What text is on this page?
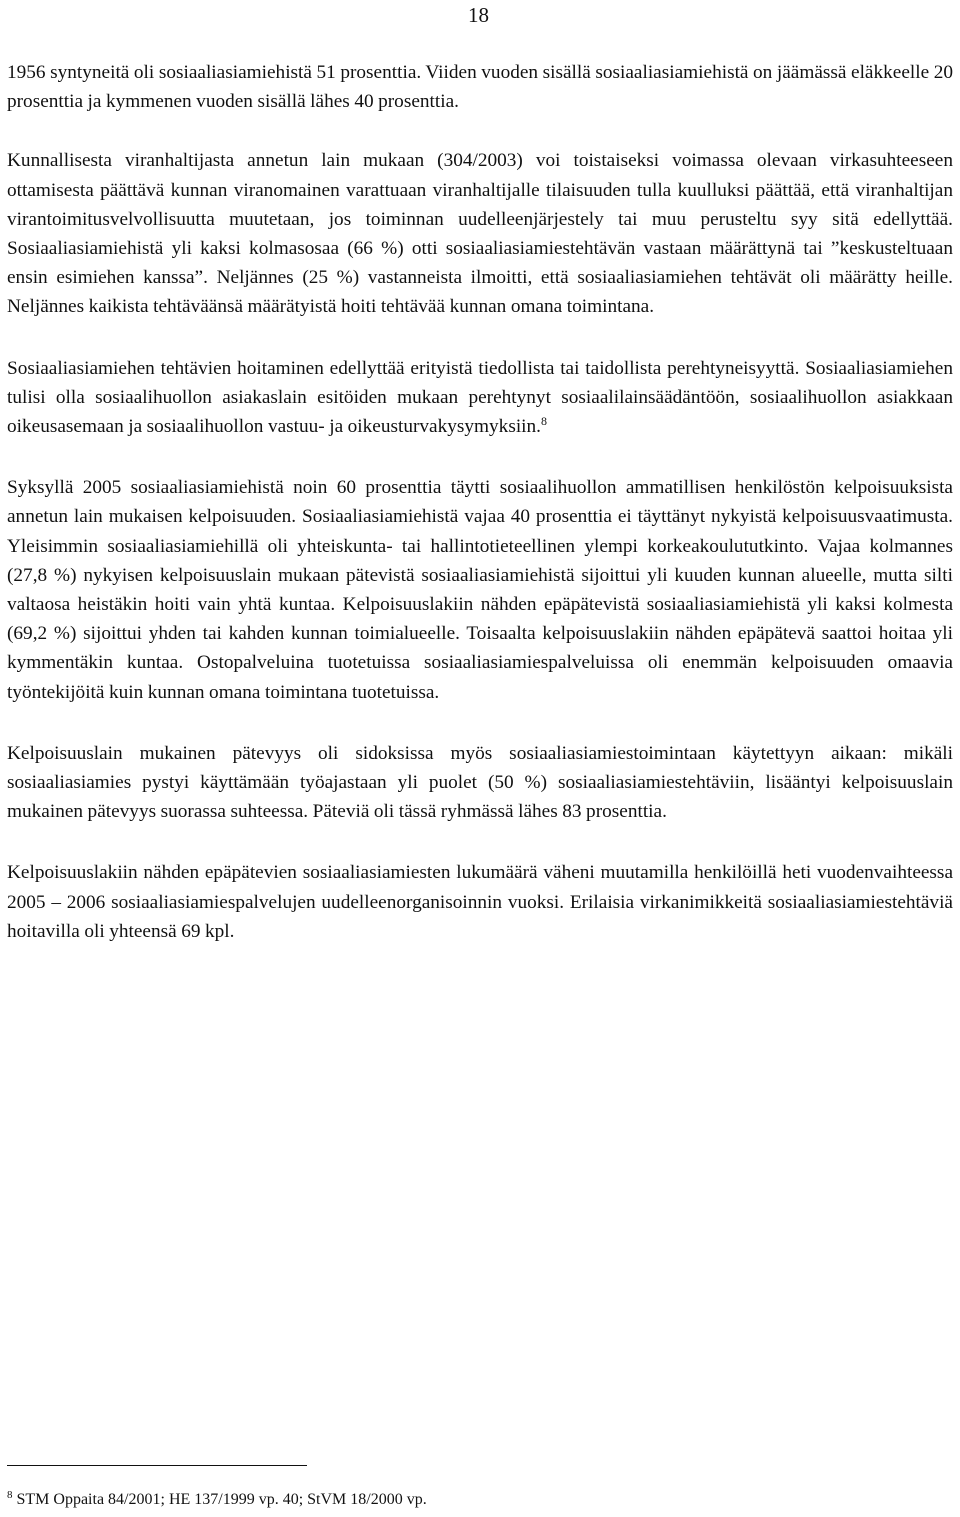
18

1956 syntyneitä oli sosiaaliasiamiehistä 51 prosenttia. Viiden vuoden sisällä sosiaaliasiamiehistä on jäämässä eläkkeelle 20 prosenttia ja kymmenen vuoden sisällä lähes 40 prosenttia.

Kunnallisesta viranhaltijasta annetun lain mukaan (304/2003) voi toistaiseksi voimassa olevaan virkasuhteeseen ottamisesta päättävä kunnan viranomainen varattuaan viranhaltijalle tilaisuuden tulla kuulluksi päättää, että viranhaltijan virantoimitusvelvollisuutta muutetaan, jos toiminnan uudelleenjärjestely tai muu perusteltu syy sitä edellyttää. Sosiaaliasiamiehistä yli kaksi kolmasosaa (66 %) otti sosiaaliasiamiestehtävän vastaan määrättynä tai ”keskusteltuaan ensin esimiehen kanssa”. Neljännes (25 %) vastanneista ilmoitti, että sosiaaliasiamiehen tehtävät oli määrätty heille. Neljännes kaikista tehtäväänsä määrätyistä hoiti tehtävää kunnan omana toimintana.

Sosiaaliasiamiehen tehtävien hoitaminen edellyttää erityistä tiedollista tai taidollista perehtyneisyyttä. Sosiaaliasiamiehen tulisi olla sosiaalihuollon asiakaslain esitöiden mukaan perehtynyt sosiaalilainsäädäntöön, sosiaalihuollon asiakkaan oikeusasemaan ja sosiaalihuollon vastuu- ja oikeusturvakysymyksiin.$^8$

Syksyllä 2005 sosiaaliasiamiehistä noin 60 prosenttia täytti sosiaalihuollon ammatillisen henkilöstön kelpoisuuksista annetun lain mukaisen kelpoisuuden. Sosiaaliasiamiehistä vajaa 40 prosenttia ei täyttänyt nykyistä kelpoisuusvaatimusta. Yleisimmin sosiaaliasiamiehillä oli yhteiskunta- tai hallintotieteellinen ylempi korkeakoulututkinto. Vajaa kolmannes (27,8 %) nykyisen kelpoisuuslain mukaan pätevistä sosiaaliasiamiehistä sijoittui yli kuuden kunnan alueelle, mutta silti valtaosa heistäkin hoiti vain yhtä kuntaa. Kelpoisuuslakiin nähden epäpätevistä sosiaaliasiamiehistä yli kaksi kolmesta (69,2 %) sijoittui yhden tai kahden kunnan toimialueelle. Toisaalta kelpoisuuslakiin nähden epäpätevä saattoi hoitaa yli kymmentäkin kuntaa. Ostopalveluina tuotetuissa sosiaaliasiamiespalveluissa oli enemmän kelpoisuuden omaavia työntekijöitä kuin kunnan omana toimintana tuotetuissa.

Kelpoisuuslain mukainen pätevyys oli sidoksissa myös sosiaaliasiamiestoimintaan käytettyyn aikaan: mikäli sosiaaliasiamies pystyi käyttämään työajastaan yli puolet (50 %) sosiaaliasiamiestehtäviin, lisääntyi kelpoisuuslain mukainen pätevyys suorassa suhteessa. Päteviä oli tässä ryhmässä lähes 83 prosenttia.

Kelpoisuuslakiin nähden epäpätevien sosiaaliasiamiesten lukumäärä väheni muutamilla henkilöillä heti vuodenvaihteessa 2005 – 2006 sosiaaliasiamiespalvelujen uudelleenorganisoinnin vuoksi. Erilaisia virkanimikkeitä sosiaaliasiamiestehtäviä hoitavilla oli yhteensä 69 kpl.

$^8$ STM Oppaita 84/2001; HE 137/1999 vp. 40; StVM 18/2000 vp.
